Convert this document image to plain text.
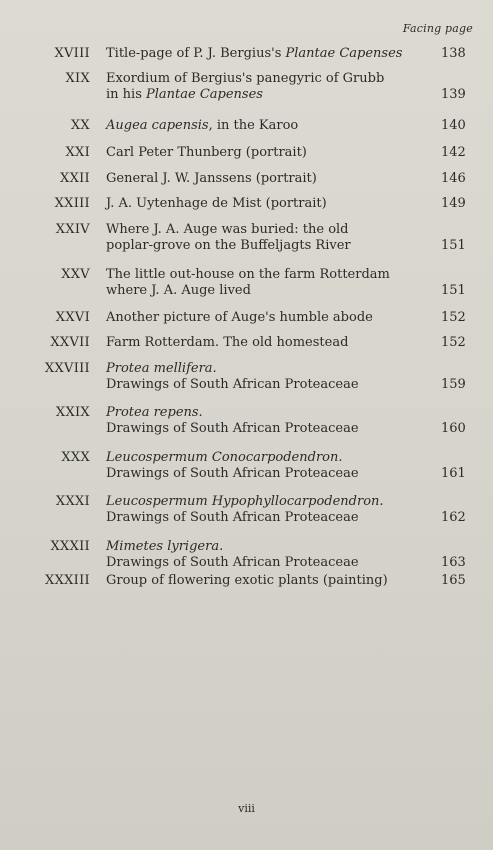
Facing page
XVIII Title-page of P. J. Bergius's Plantae Capenses	138
XIX Exordium of Bergius's panegyric of Grubb
in his Plantae Capenses	139
XX Augea capensis, in the Karoo	140
XXI Carl Peter Thunberg (portrait)	142
XXII General J. W. Janssens (portrait)	146
XXIII J. A. Uytenhage de Mist (portrait)	149
XXIV Where J. A. Auge was buried: the old
poplar-grove on the Buffeljagts River	151
XXV The little out-house on the farm Rotterdam
where J. A. Auge lived	151
XXVI Another picture of Auge's humble abode	152
XXVII Farm Rotterdam. The old homestead	152
XXVIII Protea mellifera.
Drawings of South African Proteaceae	159
XXIX Protea repens.
Drawings of South African Proteaceae	160
XXX Leucospermum Conocarpodendron.
Drawings of South African Proteaceae	161
XXXI Leucospermum Hypophyllocarpodendron.
Drawings of South African Proteaceae	162
XXXII Mimetes lyrigera.
Drawings of South African Proteaceae	163
XXXIII Group of flowering exotic plants (painting)	165
viii
